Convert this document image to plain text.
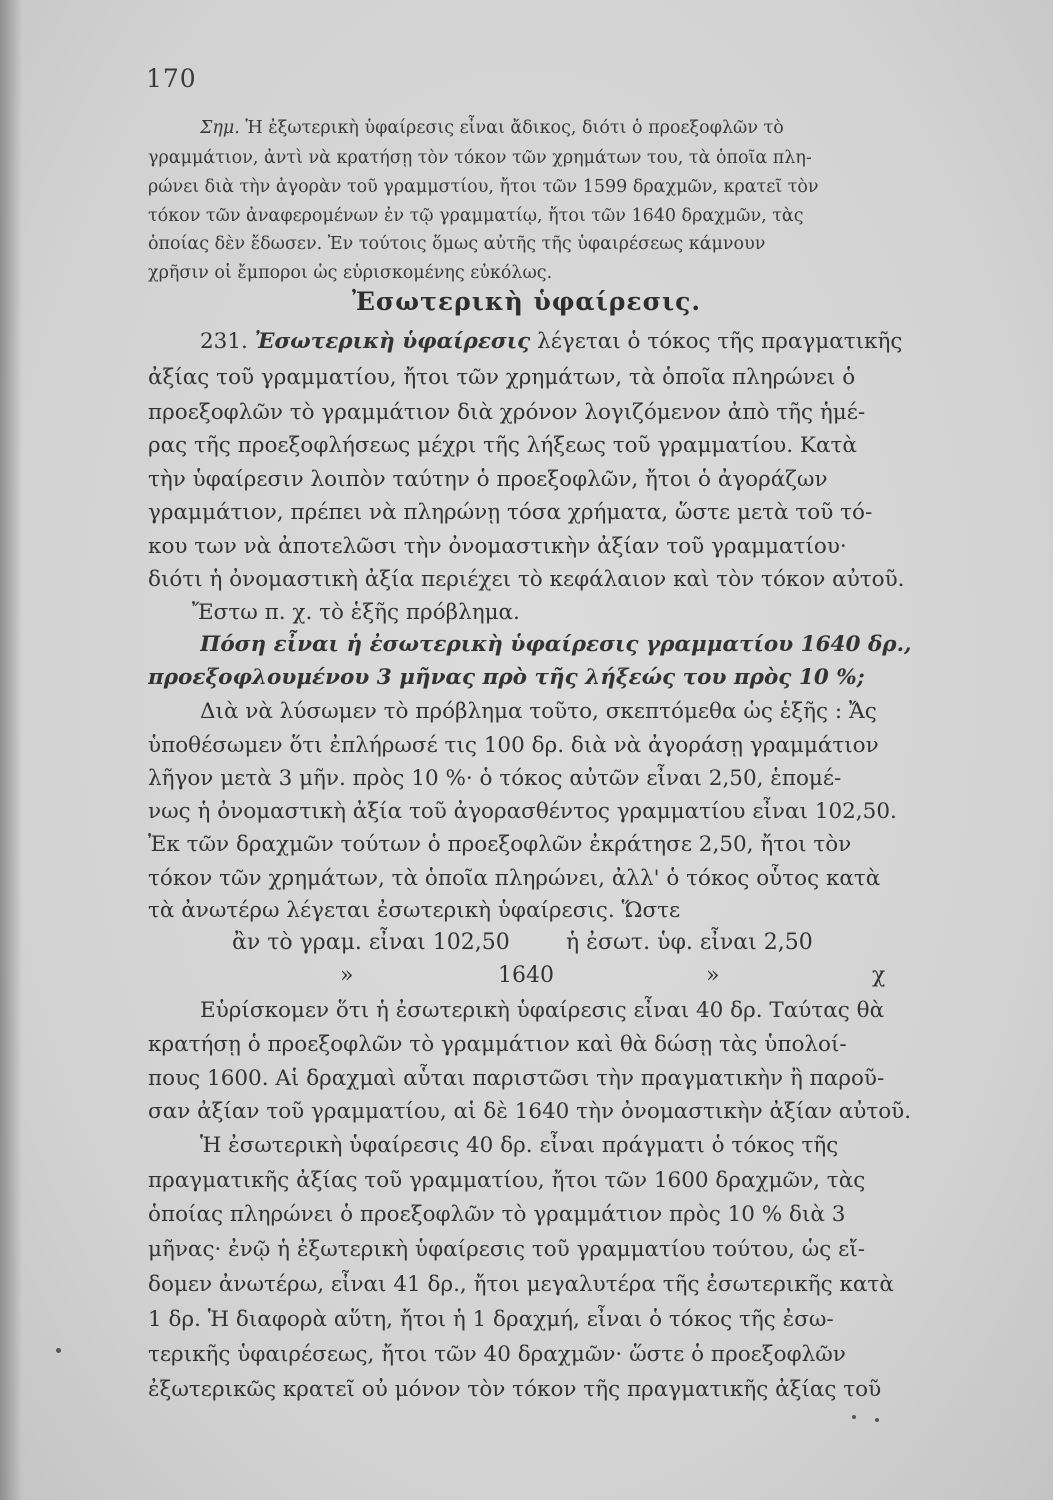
170
Σημ. Ἡ ἐξωτερικὴ ὑφαίρεσις εἶναι ἄδικος, διότι ὁ προεξοφλῶν τὸ
γραμμάτιον, ἀντὶ νὰ κρατήσῃ τὸν τόκον τῶν χρημάτων του, τὰ ὁποῖα πλη-
ρώνει διὰ τὴν ἀγορὰν τοῦ γραμμστίου, ἤτοι τῶν 1599 δραχμῶν, κρατεῖ τὸν
τόκον τῶν ἀναφερομένων ἐν τῷ γραμματίῳ, ἤτοι τῶν 1640 δραχμῶν, τὰς
ὁποίας δὲν ἔδωσεν. Ἐν τούτοις ὅμως αὐτῆς τῆς ὑφαιρέσεως κάμνουν
χρῆσιν οἱ ἔμποροι ὡς εὑρισκομένης εὐκόλως.
Ἐσωτερικὴ ὑφαίρεσις.
231. Ἐσωτερικὴ ὑφαίρεσις λέγεται ὁ τόκος τῆς πραγματικῆς
ἀξίας τοῦ γραμματίου, ἤτοι τῶν χρημάτων, τὰ ὁποῖα πληρώνει ὁ
προεξοφλῶν τὸ γραμμάτιον διὰ χρόνον λογιζόμενον ἀπὸ τῆς ἡμέ-
ρας τῆς προεξοφλήσεως μέχρι τῆς λήξεως τοῦ γραμματίου. Κατὰ
τὴν ὑφαίρεσιν λοιπὸν ταύτην ὁ προεξοφλῶν, ἤτοι ὁ ἀγοράζων
γραμμάτιον, πρέπει νὰ πληρώνῃ τόσα χρήματα, ὥστε μετὰ τοῦ τό-
κου των νὰ ἀποτελῶσι τὴν ὀνομαστικὴν ἀξίαν τοῦ γραμματίου·
διότι ἡ ὀνομαστικὴ ἀξία περιέχει τὸ κεφάλαιον καὶ τὸν τόκον αὐτοῦ.
Ἔστω π. χ. τὸ ἑξῆς πρόβλημα.
Πόση εἶναι ἡ ἐσωτερικὴ ὑφαίρεσις γραμματίου 1640 δρ.,
προεξοφλουμένου 3 μῆνας πρὸ τῆς λήξεώς του πρὸς 10 %;
Διὰ νὰ λύσωμεν τὸ πρόβλημα τοῦτο, σκεπτόμεθα ὡς ἑξῆς : Ἄς
ὑποθέσωμεν ὅτι ἐπλήρωσέ τις 100 δρ. διὰ νὰ ἀγοράσῃ γραμμάτιον
λῆγον μετὰ 3 μῆν. πρὸς 10 %· ὁ τόκος αὐτῶν εἶναι 2,50, ἑπομέ-
νως ἡ ὀνομαστικὴ ἀξία τοῦ ἀγορασθέντος γραμματίου εἶναι 102,50.
Ἐκ τῶν δραχμῶν τούτων ὁ προεξοφλῶν ἐκράτησε 2,50, ἤτοι τὸν
τόκον τῶν χρημάτων, τὰ ὁποῖα πληρώνει, ἀλλ' ὁ τόκος οὗτος κατὰ
τὰ ἀνωτέρω λέγεται ἐσωτερικὴ ὑφαίρεσις. Ὥστε
ἂν τὸ γραμ. εἶναι 102,50	ἡ ἐσωτ. ὑφ. εἶναι 2,50
»	1640	»	χ
Εὑρίσκομεν ὅτι ἡ ἐσωτερικὴ ὑφαίρεσις εἶναι 40 δρ. Ταύτας θὰ
κρατήσῃ ὁ προεξοφλῶν τὸ γραμμάτιον καὶ θὰ δώσῃ τὰς ὑπολοί-
πους 1600. Αἱ δραχμαὶ αὗται παριστῶσι τὴν πραγματικὴν ἢ παροῦ-
σαν ἀξίαν τοῦ γραμματίου, αἱ δὲ 1640 τὴν ὀνομαστικὴν ἀξίαν αὐτοῦ.
Ἡ ἐσωτερικὴ ὑφαίρεσις 40 δρ. εἶναι πράγματι ὁ τόκος τῆς
πραγματικῆς ἀξίας τοῦ γραμματίου, ἤτοι τῶν 1600 δραχμῶν, τὰς
ὁποίας πληρώνει ὁ προεξοφλῶν τὸ γραμμάτιον πρὸς 10 % διὰ 3
μῆνας· ἐνῷ ἡ ἐξωτερικὴ ὑφαίρεσις τοῦ γραμματίου τούτου, ὡς εἴ-
δομεν ἀνωτέρω, εἶναι 41 δρ., ἤτοι μεγαλυτέρα τῆς ἐσωτερικῆς κατὰ
1 δρ. Ἡ διαφορὰ αὕτη, ἤτοι ἡ 1 δραχμή, εἶναι ὁ τόκος τῆς ἐσω-
τερικῆς ὑφαιρέσεως, ἤτοι τῶν 40 δραχμῶν· ὥστε ὁ προεξοφλῶν
ἐξωτερικῶς κρατεῖ οὐ μόνον τὸν τόκον τῆς πραγματικῆς ἀξίας τοῦ
